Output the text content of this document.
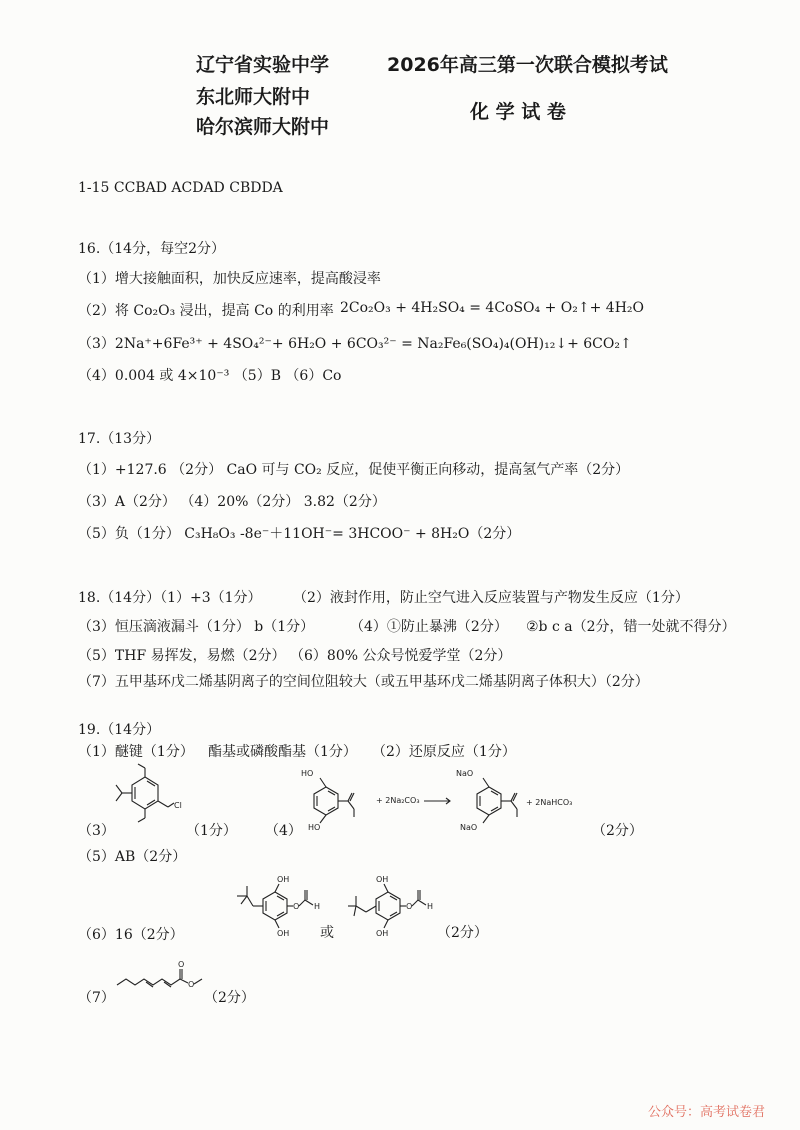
辽宁省实验中学
东北师大附中
哈尔滨师大附中
2026年高三第一次联合模拟考试
化 学 试 卷
1-15 CCBAD ACDAD CBDDA
16.（14分，每空2分）
（1）增大接触面积，加快反应速率，提高酸浸率
（2）将 Co₂O₃ 浸出，提高 Co 的利用率 2Co₂O₃ + 4H₂SO₄ = 4CoSO₄ + O₂↑+ 4H₂O
（3）2Na⁺+6Fe³⁺ + 4SO₄²⁻+ 6H₂O + 6CO₃²⁻ = Na₂Fe₆(SO₄)₄(OH)₁₂↓+ 6CO₂↑
（4）0.004 或 4×10⁻³ （5）B （6）Co
17.（13分）
（1）+127.6 （2分） CaO 可与 CO₂ 反应，促使平衡正向移动，提高氢气产率（2分）
（3）A（2分） （4）20%（2分） 3.82（2分）
（5）负（1分） C₃H₈O₃ -8e⁻＋11OH⁻= 3HCOO⁻ + 8H₂O（2分）
18.（14分）（1）+3（1分） （2）液封作用，防止空气进入反应装置与产物发生反应（1分）
（3）恒压滴液漏斗（1分） b（1分）	（4）①防止暴沸（2分） ②b c a（2分，错一处就不得分）
（5）THF 易挥发，易燃（2分） （6）80% 公众号悦爱学堂（2分）
（7）五甲基环戊二烯基阴离子的空间位阻较大（或五甲基环戊二烯基阴离子体积大）（2分）
19.（14分）
（1）醚键（1分） 酯基或磷酸酯基（1分） （2）还原反应（1分）
（3）	（1分） （4）	（2分）
（5）AB（2分）
（6）16（2分）	或	（2分）
（7）	（2分）
Cl
HO
HO
+ 2Na₂CO₃
NaO
NaO
+ 2NaHCO₃
OH
OH
O H
OH
OH
O H
O
O
公众号：高考试卷君
